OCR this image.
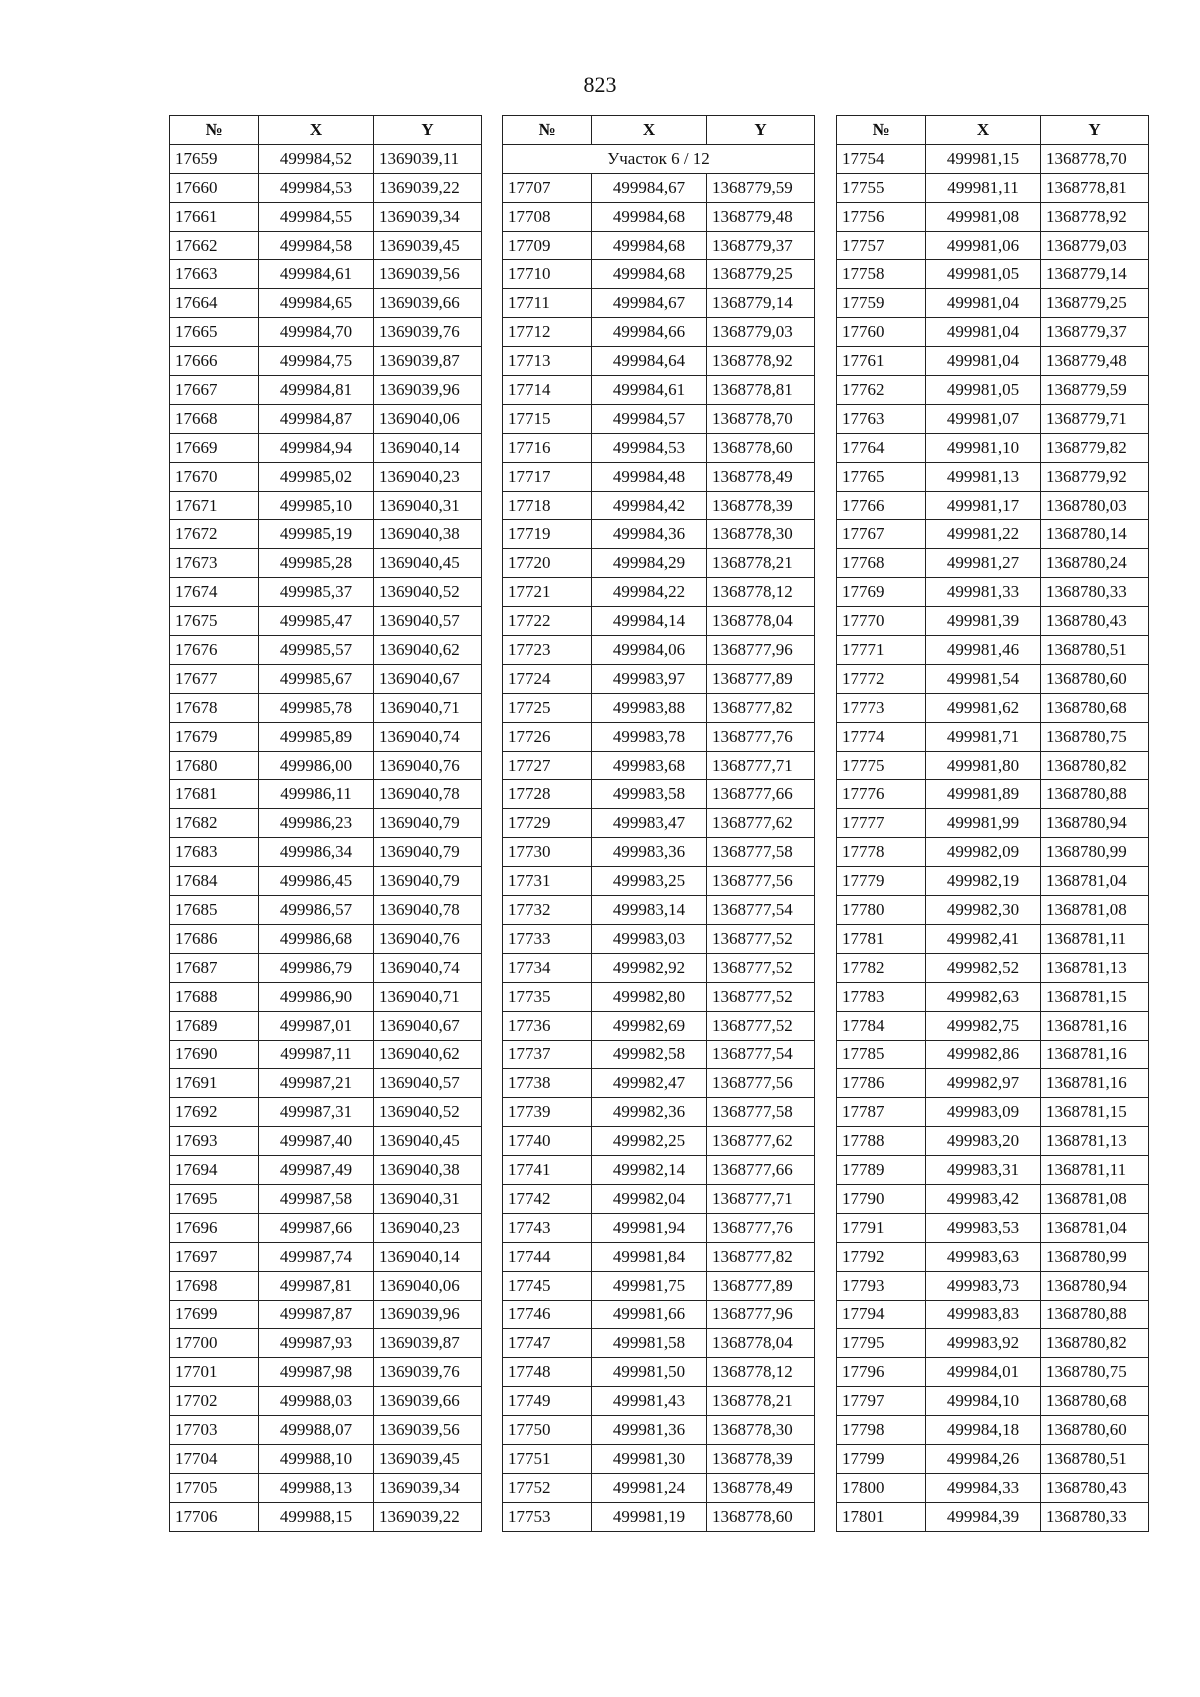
823
№	X	Y
17659	499984,52	1369039,11
17660	499984,53	1369039,22
17661	499984,55	1369039,34
17662	499984,58	1369039,45
17663	499984,61	1369039,56
17664	499984,65	1369039,66
17665	499984,70	1369039,76
17666	499984,75	1369039,87
17667	499984,81	1369039,96
17668	499984,87	1369040,06
17669	499984,94	1369040,14
17670	499985,02	1369040,23
17671	499985,10	1369040,31
17672	499985,19	1369040,38
17673	499985,28	1369040,45
17674	499985,37	1369040,52
17675	499985,47	1369040,57
17676	499985,57	1369040,62
17677	499985,67	1369040,67
17678	499985,78	1369040,71
17679	499985,89	1369040,74
17680	499986,00	1369040,76
17681	499986,11	1369040,78
17682	499986,23	1369040,79
17683	499986,34	1369040,79
17684	499986,45	1369040,79
17685	499986,57	1369040,78
17686	499986,68	1369040,76
17687	499986,79	1369040,74
17688	499986,90	1369040,71
17689	499987,01	1369040,67
17690	499987,11	1369040,62
17691	499987,21	1369040,57
17692	499987,31	1369040,52
17693	499987,40	1369040,45
17694	499987,49	1369040,38
17695	499987,58	1369040,31
17696	499987,66	1369040,23
17697	499987,74	1369040,14
17698	499987,81	1369040,06
17699	499987,87	1369039,96
17700	499987,93	1369039,87
17701	499987,98	1369039,76
17702	499988,03	1369039,66
17703	499988,07	1369039,56
17704	499988,10	1369039,45
17705	499988,13	1369039,34
17706	499988,15	1369039,22
№	X	Y
Участок 6 / 12		
17707	499984,67	1368779,59
17708	499984,68	1368779,48
17709	499984,68	1368779,37
17710	499984,68	1368779,25
17711	499984,67	1368779,14
17712	499984,66	1368779,03
17713	499984,64	1368778,92
17714	499984,61	1368778,81
17715	499984,57	1368778,70
17716	499984,53	1368778,60
17717	499984,48	1368778,49
17718	499984,42	1368778,39
17719	499984,36	1368778,30
17720	499984,29	1368778,21
17721	499984,22	1368778,12
17722	499984,14	1368778,04
17723	499984,06	1368777,96
17724	499983,97	1368777,89
17725	499983,88	1368777,82
17726	499983,78	1368777,76
17727	499983,68	1368777,71
17728	499983,58	1368777,66
17729	499983,47	1368777,62
17730	499983,36	1368777,58
17731	499983,25	1368777,56
17732	499983,14	1368777,54
17733	499983,03	1368777,52
17734	499982,92	1368777,52
17735	499982,80	1368777,52
17736	499982,69	1368777,52
17737	499982,58	1368777,54
17738	499982,47	1368777,56
17739	499982,36	1368777,58
17740	499982,25	1368777,62
17741	499982,14	1368777,66
17742	499982,04	1368777,71
17743	499981,94	1368777,76
17744	499981,84	1368777,82
17745	499981,75	1368777,89
17746	499981,66	1368777,96
17747	499981,58	1368778,04
17748	499981,50	1368778,12
17749	499981,43	1368778,21
17750	499981,36	1368778,30
17751	499981,30	1368778,39
17752	499981,24	1368778,49
17753	499981,19	1368778,60
№	X	Y
17754	499981,15	1368778,70
17755	499981,11	1368778,81
17756	499981,08	1368778,92
17757	499981,06	1368779,03
17758	499981,05	1368779,14
17759	499981,04	1368779,25
17760	499981,04	1368779,37
17761	499981,04	1368779,48
17762	499981,05	1368779,59
17763	499981,07	1368779,71
17764	499981,10	1368779,82
17765	499981,13	1368779,92
17766	499981,17	1368780,03
17767	499981,22	1368780,14
17768	499981,27	1368780,24
17769	499981,33	1368780,33
17770	499981,39	1368780,43
17771	499981,46	1368780,51
17772	499981,54	1368780,60
17773	499981,62	1368780,68
17774	499981,71	1368780,75
17775	499981,80	1368780,82
17776	499981,89	1368780,88
17777	499981,99	1368780,94
17778	499982,09	1368780,99
17779	499982,19	1368781,04
17780	499982,30	1368781,08
17781	499982,41	1368781,11
17782	499982,52	1368781,13
17783	499982,63	1368781,15
17784	499982,75	1368781,16
17785	499982,86	1368781,16
17786	499982,97	1368781,16
17787	499983,09	1368781,15
17788	499983,20	1368781,13
17789	499983,31	1368781,11
17790	499983,42	1368781,08
17791	499983,53	1368781,04
17792	499983,63	1368780,99
17793	499983,73	1368780,94
17794	499983,83	1368780,88
17795	499983,92	1368780,82
17796	499984,01	1368780,75
17797	499984,10	1368780,68
17798	499984,18	1368780,60
17799	499984,26	1368780,51
17800	499984,33	1368780,43
17801	499984,39	1368780,33
